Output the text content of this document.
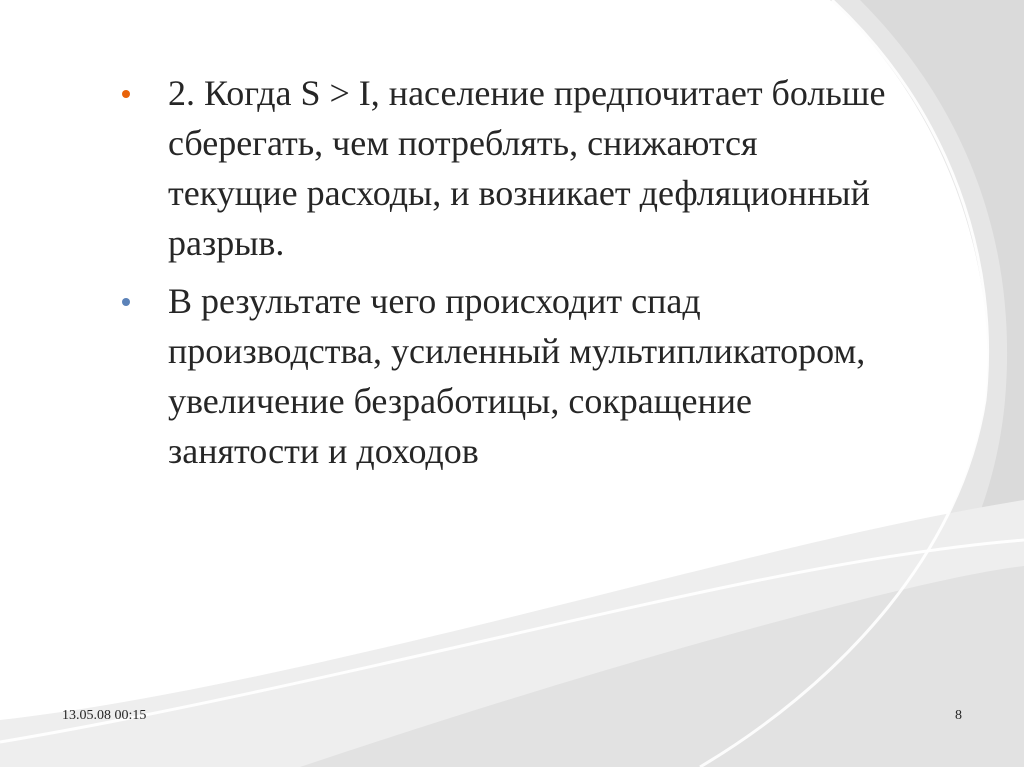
2. Когда S > I, население предпочитает больше сберегать, чем потреблять, снижаются текущие расходы, и возникает дефляционный разрыв.
В результате чего происходит спад производства, усиленный мультипликатором, увеличение безработицы, сокращение занятости и доходов
13.05.08 00:15	8
